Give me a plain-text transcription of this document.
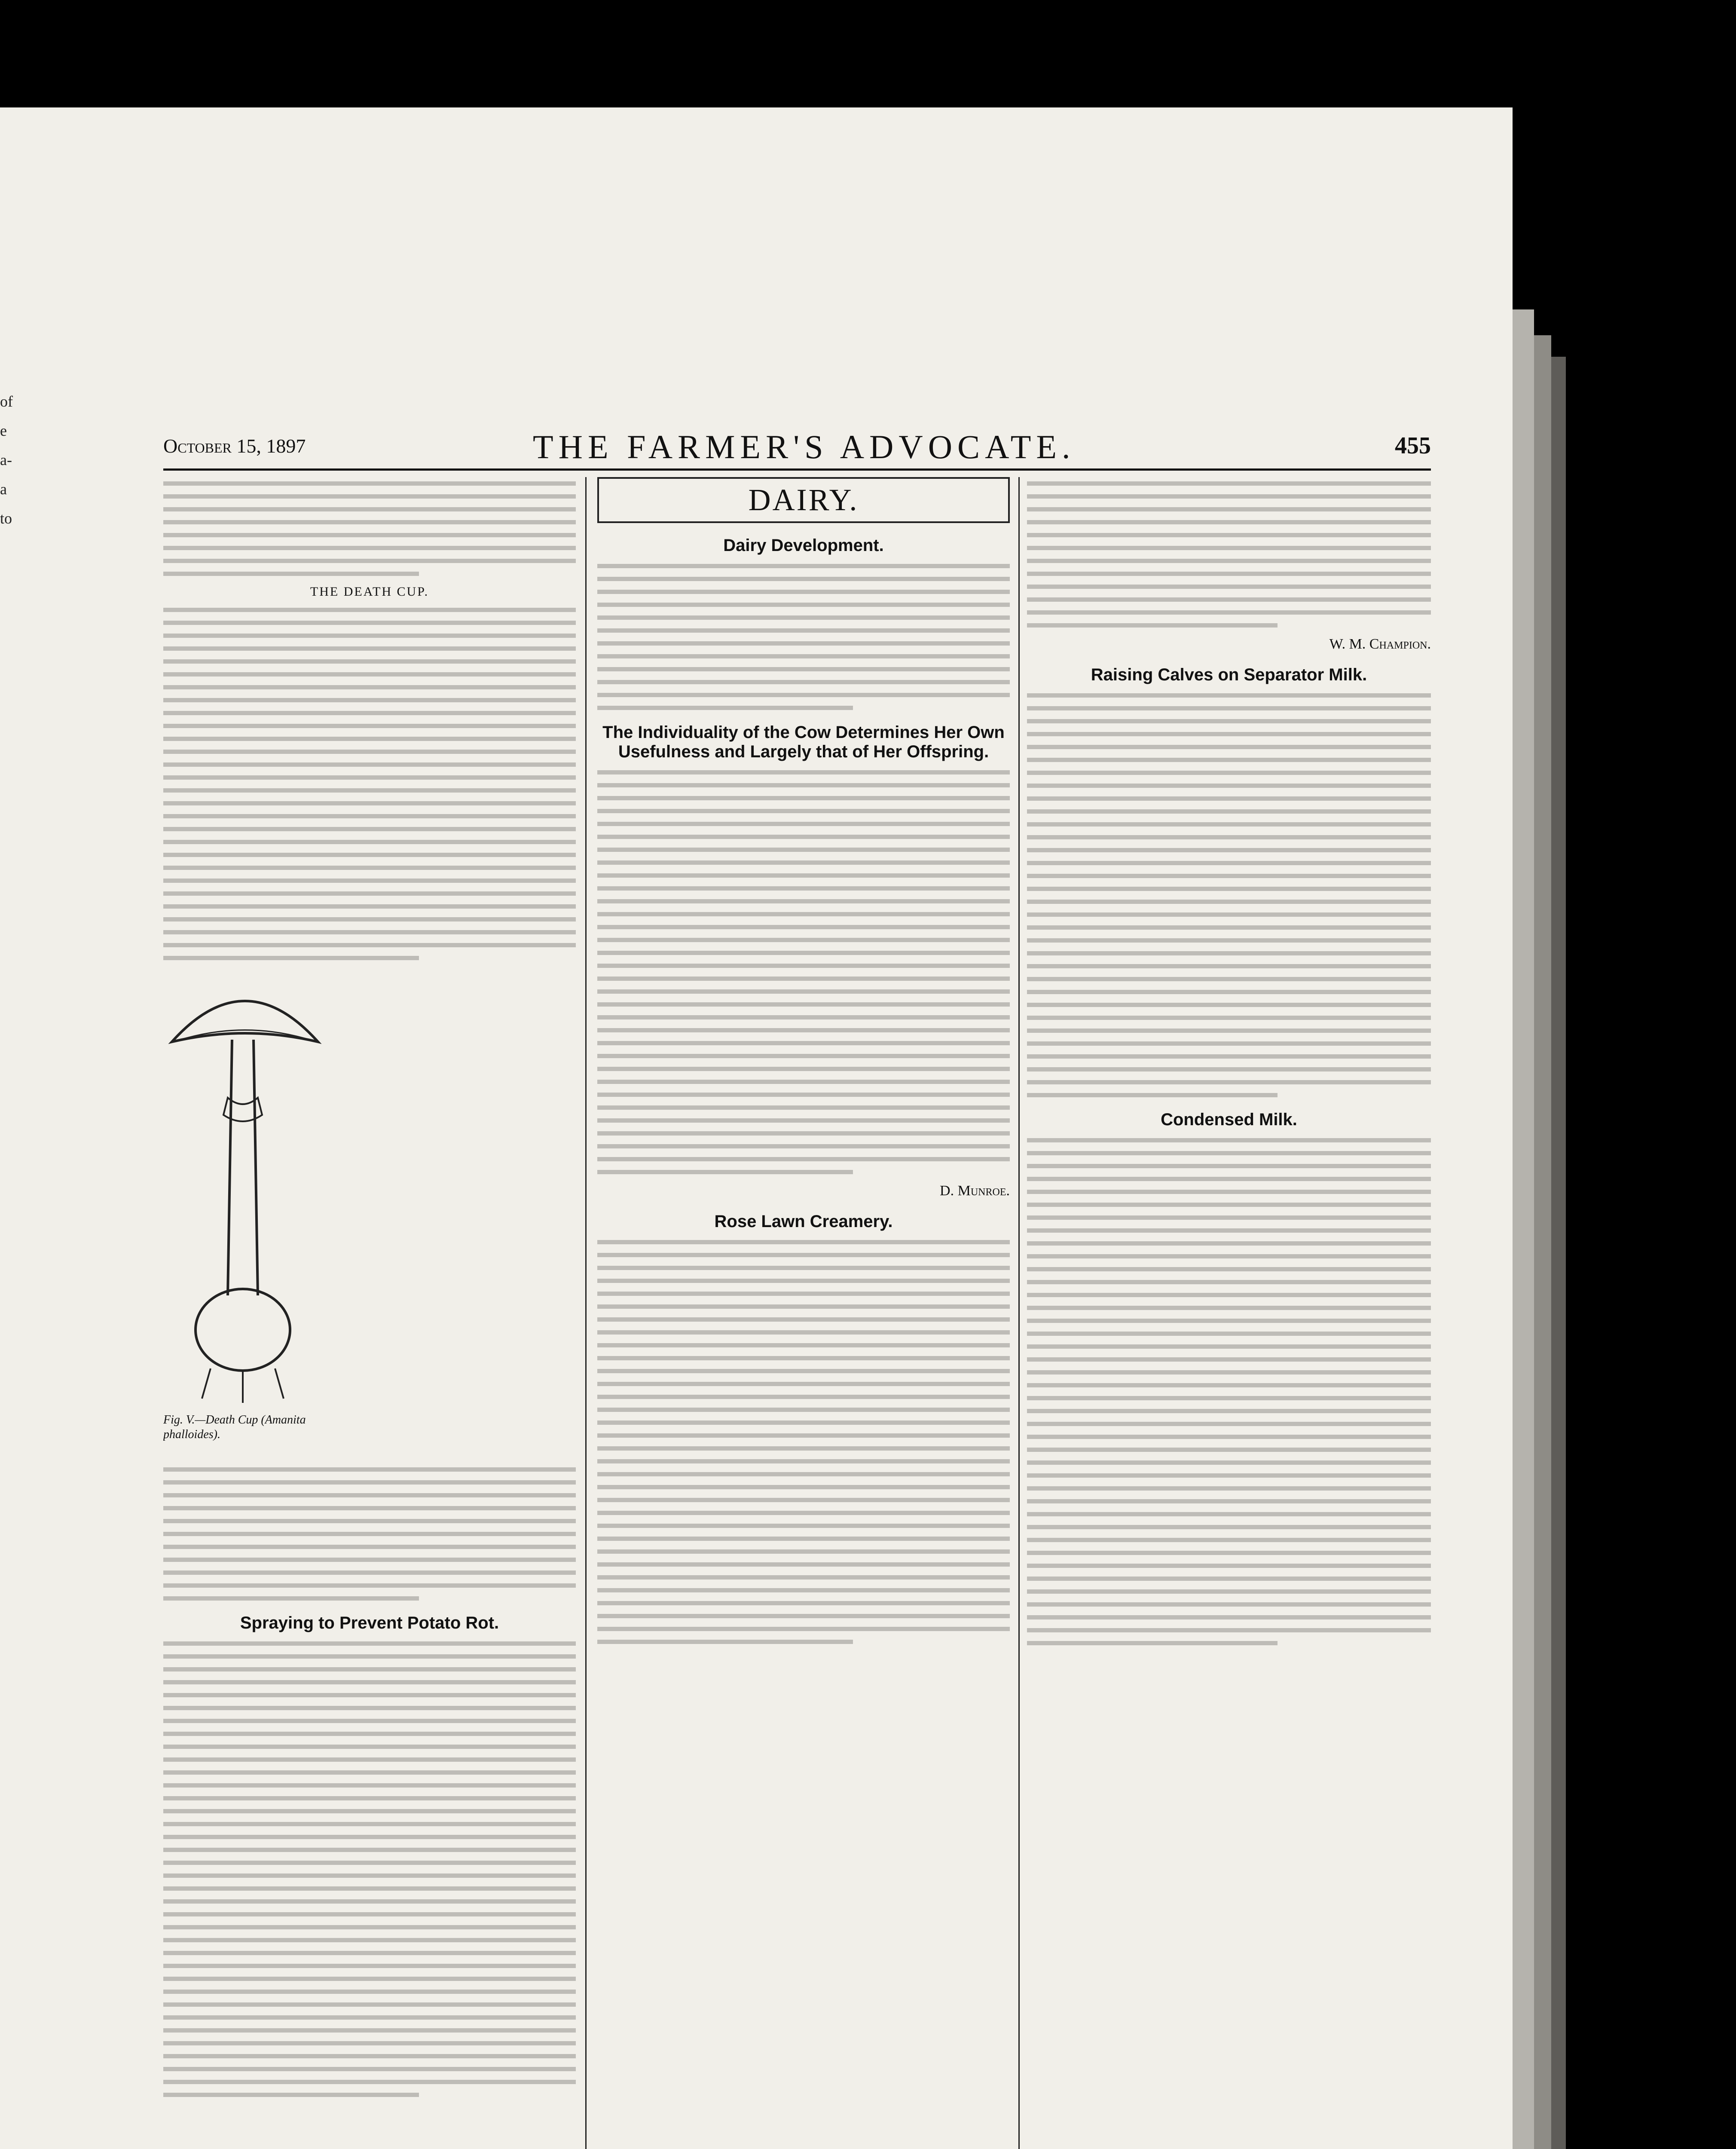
of
e
a-
a
to
October 15, 1897	THE FARMER'S ADVOCATE.	455
THE DEATH CUP.
Fig. V.—Death Cup (Amanita phalloides).
Spraying to Prevent Potato Rot.
DAIRY.
Dairy Development.
The Individuality of the Cow Determines Her Own Usefulness and Largely that of Her Offspring.
D. Munroe.
Rose Lawn Creamery.
W. M. Champion.
Raising Calves on Separator Milk.
Condensed Milk.
